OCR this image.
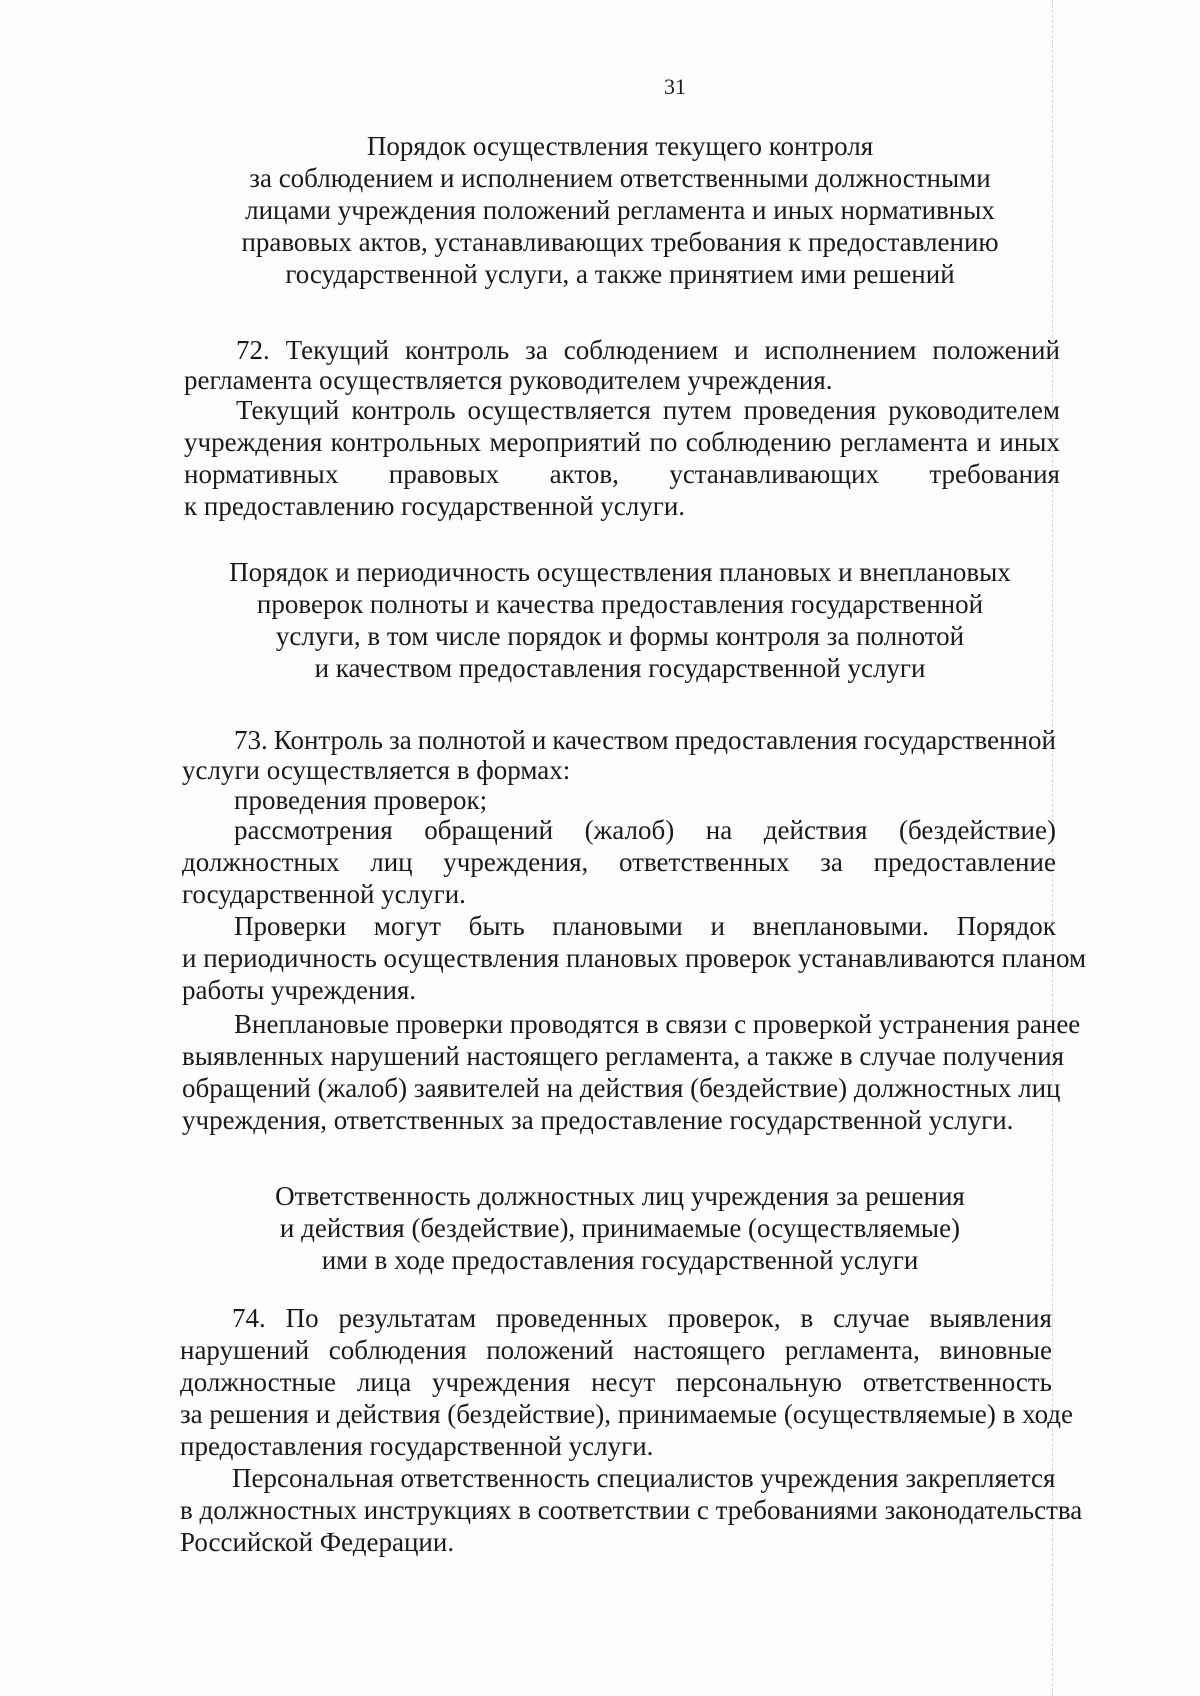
31
Порядок осуществления текущего контроля
за соблюдением и исполнением ответственными должностными
лицами учреждения положений регламента и иных нормативных
правовых актов, устанавливающих требования к предоставлению
государственной услуги, а также принятием ими решений
72. Текущий контроль за соблюдением и исполнением положений
регламента осуществляется руководителем учреждения.
Текущий контроль осуществляется путем проведения руководителем
учреждения контрольных мероприятий по соблюдению регламента и иных
нормативных правовых актов, устанавливающих требования
к предоставлению государственной услуги.
Порядок и периодичность осуществления плановых и внеплановых
проверок полноты и качества предоставления государственной
услуги, в том числе порядок и формы контроля за полнотой
и качеством предоставления государственной услуги
73. Контроль за полнотой и качеством предоставления государственной
услуги осуществляется в формах:
проведения проверок;
рассмотрения обращений (жалоб) на действия (бездействие)
должностных лиц учреждения, ответственных за предоставление
государственной услуги.
Проверки могут быть плановыми и внеплановыми. Порядок
и периодичность осуществления плановых проверок устанавливаются планом
работы учреждения.
Внеплановые проверки проводятся в связи с проверкой устранения ранее
выявленных нарушений настоящего регламента, а также в случае получения
обращений (жалоб) заявителей на действия (бездействие) должностных лиц
учреждения, ответственных за предоставление государственной услуги.
Ответственность должностных лиц учреждения за решения
и действия (бездействие), принимаемые (осуществляемые)
ими в ходе предоставления государственной услуги
74. По результатам проведенных проверок, в случае выявления
нарушений соблюдения положений настоящего регламента, виновные
должностные лица учреждения несут персональную ответственность
за решения и действия (бездействие), принимаемые (осуществляемые) в ходе
предоставления государственной услуги.
Персональная ответственность специалистов учреждения закрепляется
в должностных инструкциях в соответствии с требованиями законодательства
Российской Федерации.
